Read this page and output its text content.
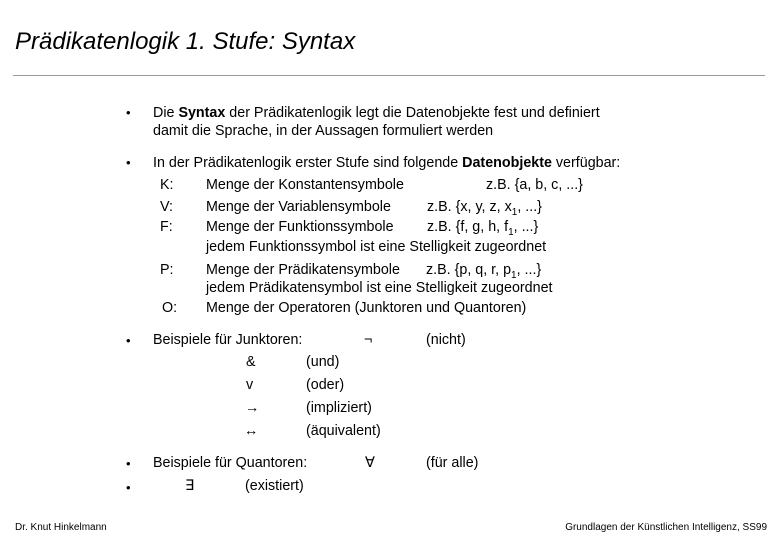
Prädikatenlogik 1. Stufe: Syntax
• Die Syntax der Prädikatenlogik legt die Datenobjekte fest und definiert
damit die Sprache, in der Aussagen formuliert werden
• In der Prädikatenlogik erster Stufe sind folgende Datenobjekte verfügbar:
K: Menge der Konstantensymbole	z.B. {a, b, c, ...}
V: Menge der Variablensymbole	z.B. {x, y, z, $x_1$, ...}
F: Menge der Funktionssymbole z.B. {f, g, h, $f_1$, ...}
jedem Funktionssymbol ist eine Stelligkeit zugeordnet
P: Menge der Prädikatensymbole z.B. {p, q, r, $p_1$, ...}
jedem Prädikatensymbol ist eine Stelligkeit zugeordnet
O: Menge der Operatoren (Junktoren und Quantoren)
• Beispiele für Junktoren:	¬	(nicht)
&	(und)
v	(oder)
→	(impliziert)
↔	(äquivalent)
• Beispiele für Quantoren:	∀	(für alle)
•	∃	(existiert)
Dr. Knut Hinkelmann	Grundlagen der Künstlichen Intelligenz, SS99
